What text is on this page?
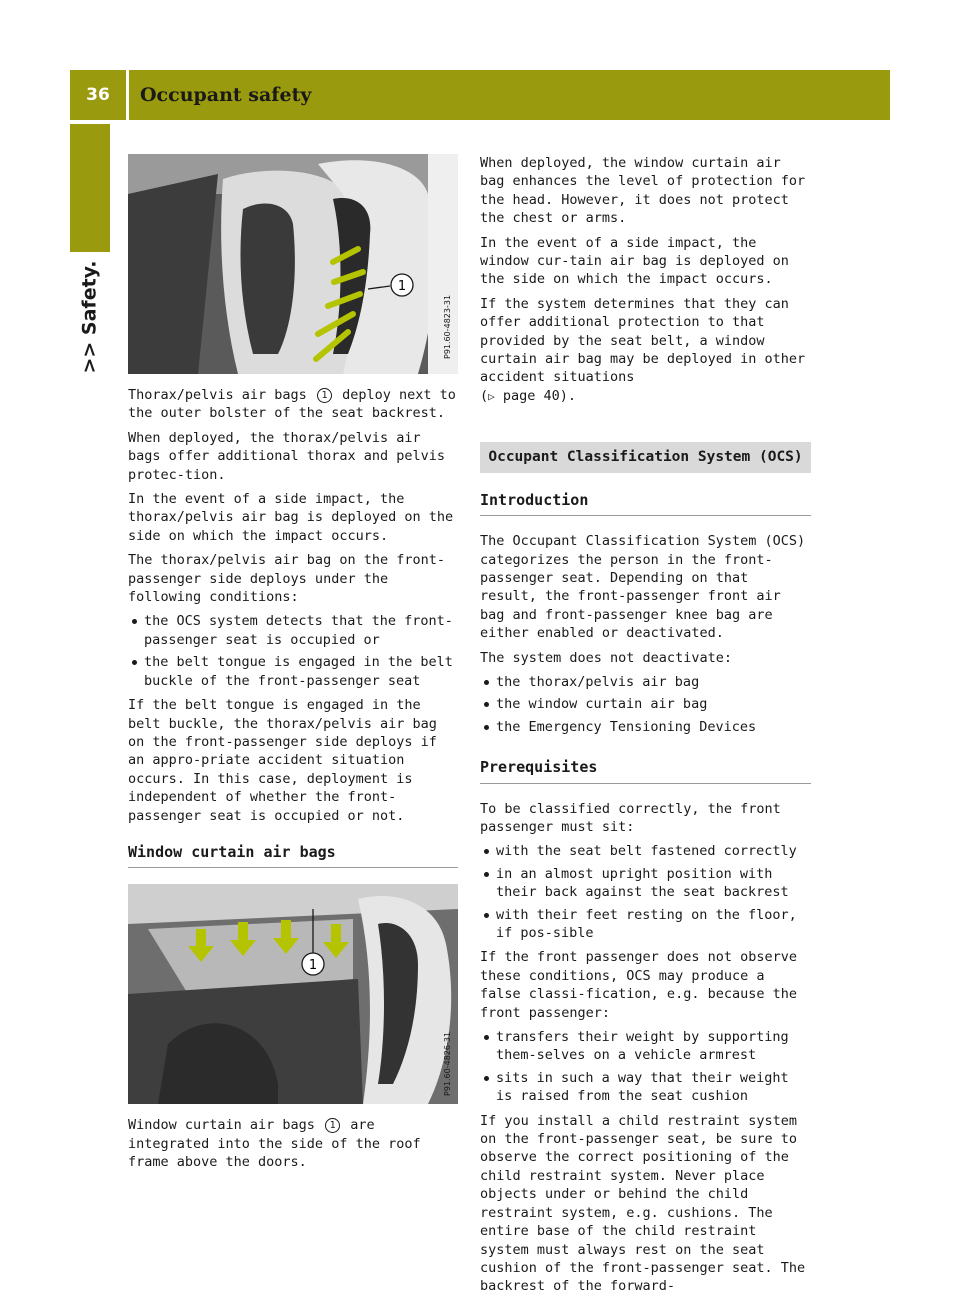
36	Occupant safety
>> Safety.	1
P91.60-4823-31

Thorax/pelvis air bags 1 deploy next to the outer bolster of the seat backrest.

When deployed, the thorax/pelvis air bags offer additional thorax and pelvis protec-tion.

In the event of a side impact, the thorax/pelvis air bag is deployed on the side on which the impact occurs.

The thorax/pelvis air bag on the front-passenger side deploys under the following conditions:

the OCS system detects that the front-passenger seat is occupied or
the belt tongue is engaged in the belt buckle of the front-passenger seat

If the belt tongue is engaged in the belt buckle, the thorax/pelvis air bag on the front-passenger side deploys if an appro-priate accident situation occurs. In this case, deployment is independent of whether the front-passenger seat is occupied or not.

Window curtain air bags
1
P91.60-4826-31

Window curtain air bags 1 are integrated into the side of the roof frame above the doors.

When deployed, the window curtain air bag enhances the level of protection for the head. However, it does not protect the chest or arms.

In the event of a side impact, the window cur-tain air bag is deployed on the side on which the impact occurs.

If the system determines that they can offer additional protection to that provided by the seat belt, a window curtain air bag may be deployed in other accident situations
(▷ page 40).

Occupant Classification System (OCS)
Introduction

The Occupant Classification System (OCS) categorizes the person in the front-passenger seat. Depending on that result, the front-passenger front air bag and front-passenger knee bag are either enabled or deactivated.

The system does not deactivate:

the thorax/pelvis air bag
the window curtain air bag
the Emergency Tensioning Devices
Prerequisites

To be classified correctly, the front passenger must sit:

with the seat belt fastened correctly
in an almost upright position with their back against the seat backrest
with their feet resting on the floor, if pos-sible

If the front passenger does not observe these conditions, OCS may produce a false classi-fication, e.g. because the front passenger:

transfers their weight by supporting them-selves on a vehicle armrest
sits in such a way that their weight is raised from the seat cushion

If you install a child restraint system on the front-passenger seat, be sure to observe the correct positioning of the child restraint system. Never place objects under or behind the child restraint system, e.g. cushions. The entire base of the child restraint system must always rest on the seat cushion of the front-passenger seat. The backrest of the forward-
